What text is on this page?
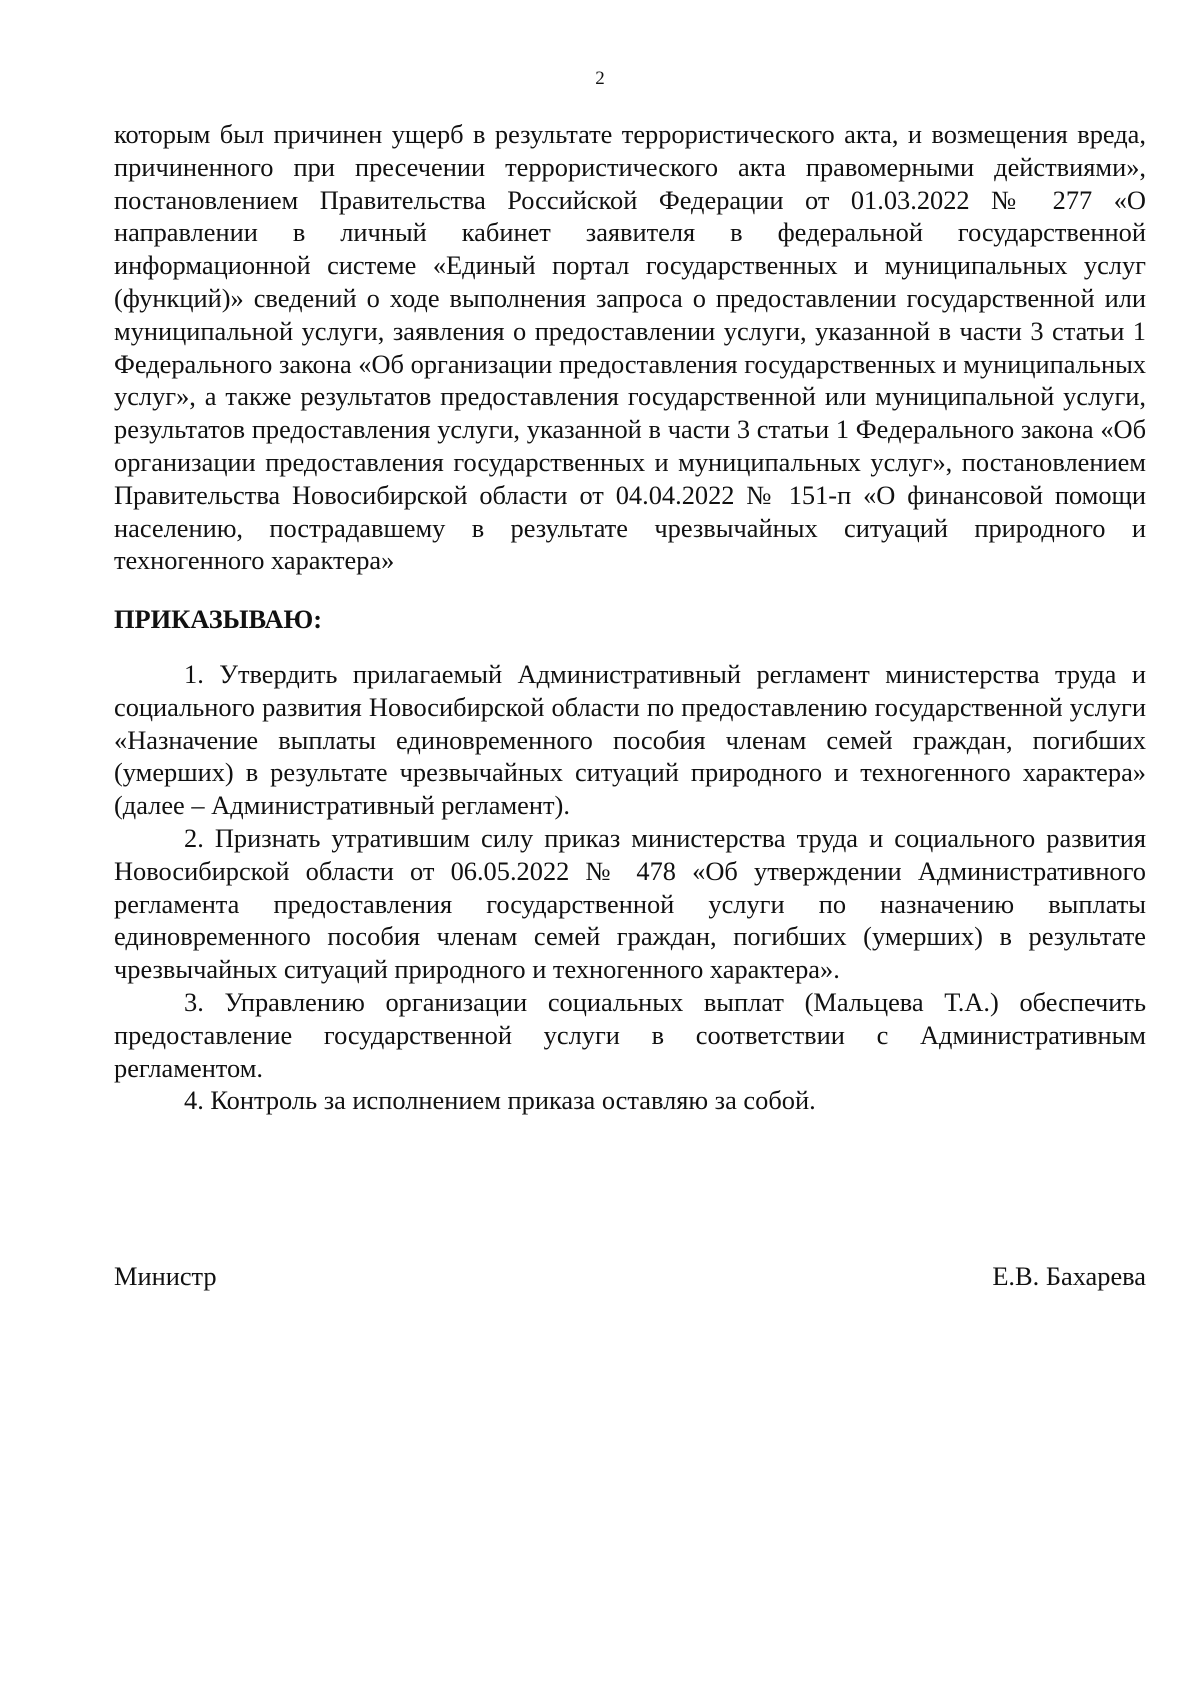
2

которым был причинен ущерб в результате террористического акта, и возмещения вреда, причиненного при пресечении террористического акта правомерными действиями», постановлением Правительства Российской Федерации от 01.03.2022 № 277 «О направлении в личный кабинет заявителя в федеральной государственной информационной системе «Единый портал государственных и муниципальных услуг (функций)» сведений о ходе выполнения запроса о предоставлении государственной или муниципальной услуги, заявления о предоставлении услуги, указанной в части 3 статьи 1 Федерального закона «Об организации предоставления государственных и муниципальных услуг», а также результатов предоставления государственной или муниципальной услуги, результатов предоставления услуги, указанной в части 3 статьи 1 Федерального закона «Об организации предоставления государственных и муниципальных услуг», постановлением Правительства Новосибирской области от 04.04.2022 № 151-п «О финансовой помощи населению, пострадавшему в результате чрезвычайных ситуаций природного и техногенного характера»

ПРИКАЗЫВАЮ:

1. Утвердить прилагаемый Административный регламент министерства труда и социального развития Новосибирской области по предоставлению государственной услуги «Назначение выплаты единовременного пособия членам семей граждан, погибших (умерших) в результате чрезвычайных ситуаций природного и техногенного характера» (далее – Административный регламент).

2. Признать утратившим силу приказ министерства труда и социального развития Новосибирской области от 06.05.2022 № 478 «Об утверждении Административного регламента предоставления государственной услуги по назначению выплаты единовременного пособия членам семей граждан, погибших (умерших) в результате чрезвычайных ситуаций природного и техногенного характера».

3. Управлению организации социальных выплат (Мальцева Т.А.) обеспечить предоставление государственной услуги в соответствии с Административным регламентом.

4. Контроль за исполнением приказа оставляю за собой.

Министр	Е.В. Бахарева
